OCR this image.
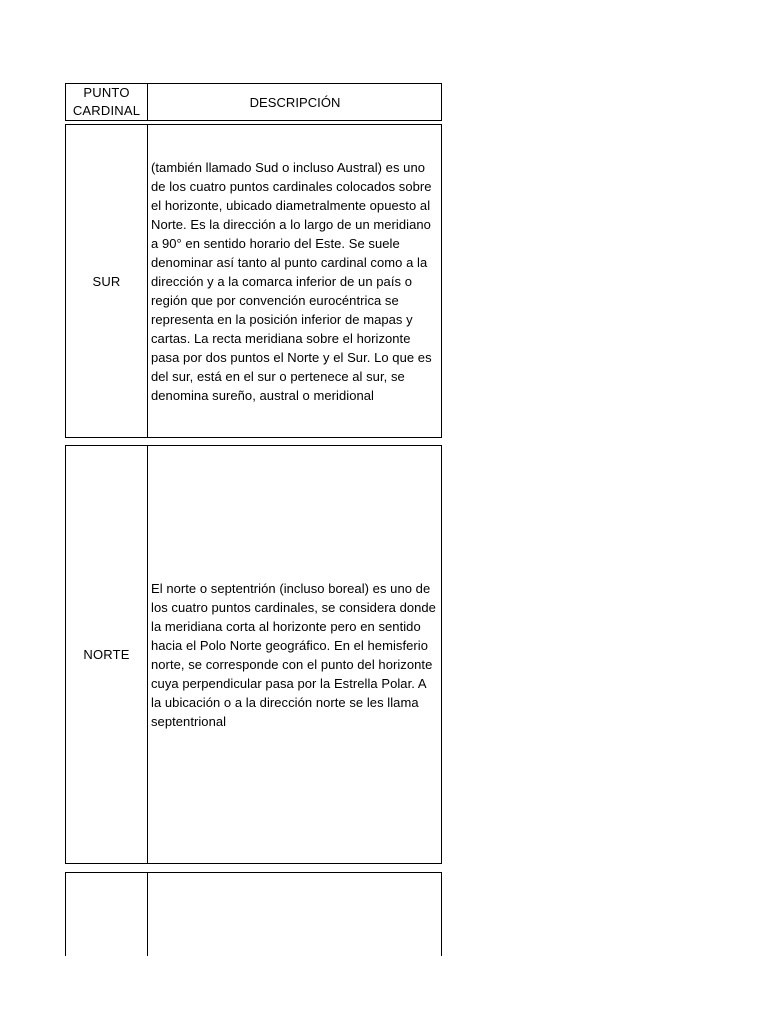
PUNTO
CARDINAL
DESCRIPCIÓN
SUR
(también llamado Sud o incluso Austral) es uno de los cuatro puntos cardinales colocados sobre el horizonte, ubicado diametralmente opuesto al Norte. Es la dirección a lo largo de un meridiano a 90° en sentido horario del Este. Se suele denominar así tanto al punto cardinal como a la dirección y a la comarca inferior de un país o región que por convención eurocéntrica se representa en la posición inferior de mapas y cartas. La recta meridiana sobre el horizonte pasa por dos puntos el Norte y el Sur. Lo que es del sur, está en el sur o pertenece al sur, se denomina sureño, austral o meridional
NORTE
El norte o septentrión (incluso boreal) es uno de los cuatro puntos cardinales, se considera donde la meridiana corta al horizonte pero en sentido hacia el Polo Norte geográfico. En el hemisferio norte, se corresponde con el punto del horizonte cuya perpendicular pasa por la Estrella Polar. A la ubicación o a la dirección norte se les llama septentrional
